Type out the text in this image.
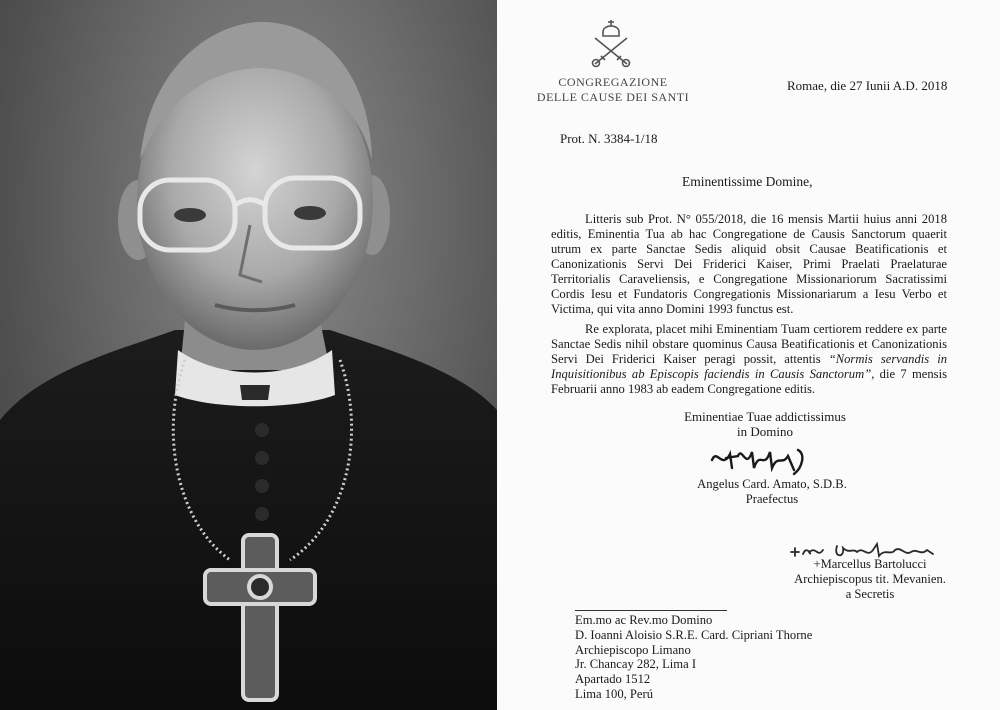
CONGREGAZIONE
DELLE CAUSE DEI SANTI
Romae, die 27 Iunii A.D. 2018
Prot. N. 3384-1/18
Eminentissime Domine,
Litteris sub Prot. N° 055/2018, die 16 mensis Martii huius anni 2018 editis, Eminentia Tua ab hac Congregatione de Causis Sanctorum quaerit utrum ex parte Sanctae Sedis aliquid obsit Causae Beatificationis et Canonizationis Servi Dei Friderici Kaiser, Primi Praelati Praelaturae Territorialis Caraveliensis, e Congregatione Missionariorum Sacratissimi Cordis Iesu et Fundatoris Congregationis Missionariarum a Iesu Verbo et Victima, qui vita anno Domini 1993 functus est.
Re explorata, placet mihi Eminentiam Tuam certiorem reddere ex parte Sanctae Sedis nihil obstare quominus Causa Beatificationis et Canonizationis Servi Dei Friderici Kaiser peragi possit, attentis “Normis servandis in Inquisitionibus ab Episcopis faciendis in Causis Sanctorum”, die 7 mensis Februarii anno 1983 ab eadem Congregatione editis.
Eminentiae Tuae addictissimus
in Domino
Angelus Card. Amato, S.D.B.
Praefectus
+Marcellus Bartolucci
Archiepiscopus tit. Mevanien.
a Secretis
Em.mo ac Rev.mo Domino
D. Ioanni Aloisio S.R.E. Card. Cipriani Thorne
Archiepiscopo Limano
Jr. Chancay 282, Lima I
Apartado 1512
Lima 100, Perú
